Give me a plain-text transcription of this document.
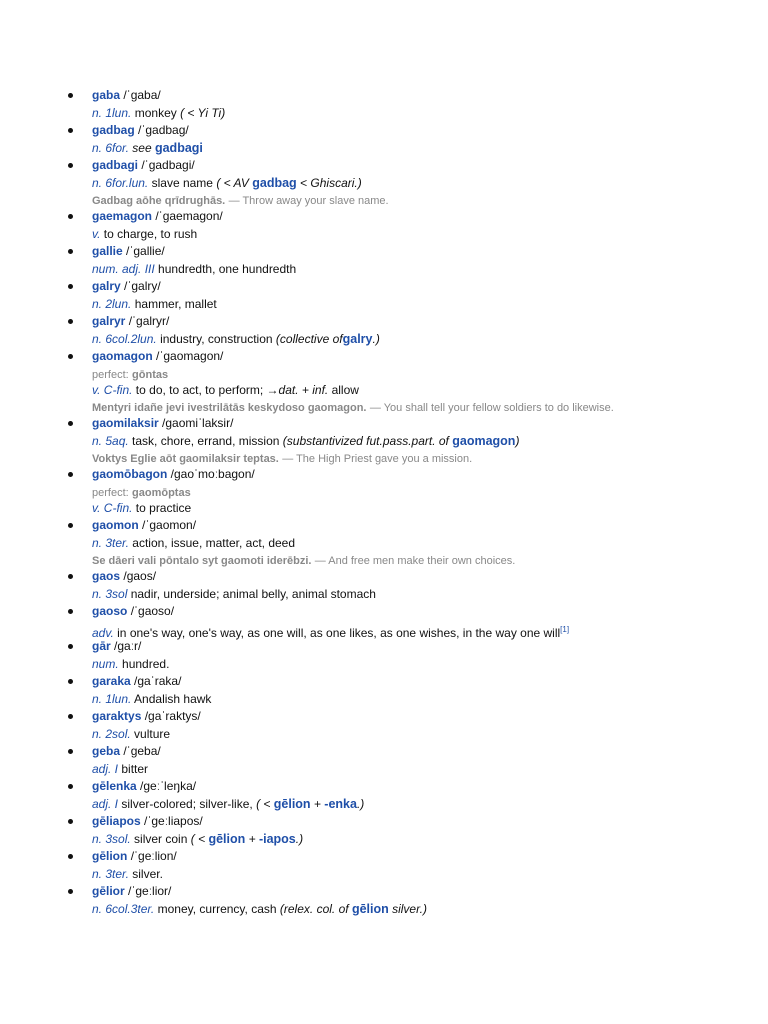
gaba /ˈgaba/
n. 1lun. monkey ( < Yi Ti)
gadbag /ˈgadbag/
n. 6for. see gadbagi
gadbagi /ˈgadbagi/
n. 6for.lun. slave name ( < AV gadbag < Ghiscari.)
Gadbag aōhe qrīdrughās. — Throw away your slave name.
gaemagon /ˈgaemagon/
v. to charge, to rush
gallie /ˈgallie/
num. adj. III hundredth, one hundredth
galry /ˈgalry/
n. 2lun. hammer, mallet
galryr /ˈgalryr/
n. 6col.2lun. industry, construction (collective ofgalry.)
gaomagon /ˈgaomagon/
perfect: gōntas
v. C-fin. to do, to act, to perform; →dat. + inf. allow
Mentyri idañe jevi ivestrilātās keskydoso gaomagon. — You shall tell your fellow soldiers to do likewise.
gaomilaksir /gaomiˈlaksir/
n. 5aq. task, chore, errand, mission (substantivized fut.pass.part. of gaomagon)
Voktys Eglie aōt gaomilaksir teptas. — The High Priest gave you a mission.
gaomōbagon /gaoˈmoːbagon/
perfect: gaomōptas
v. C-fin. to practice
gaomon /ˈgaomon/
n. 3ter. action, issue, matter, act, deed
Se dāeri vali pōntalo syt gaomoti iderēbzi. — And free men make their own choices.
gaos /gaos/
n. 3sol nadir, underside; animal belly, animal stomach
gaoso /ˈgaoso/
adv. in one's way, one's way, as one will, as one likes, as one wishes, in the way one will[1]
gār /gaːr/
num. hundred.
garaka /gaˈraka/
n. 1lun. Andalish hawk
garaktys /gaˈraktys/
n. 2sol. vulture
geba /ˈgeba/
adj. I bitter
gēlenka /geːˈleŋka/
adj. I silver-colored; silver-like, ( < gēlion + -enka.)
gēliapos /ˈgeːliapos/
n. 3sol. silver coin ( < gēlion + -iapos.)
gēlion /ˈgeːlion/
n. 3ter. silver.
gēlior /ˈgeːlior/
n. 6col.3ter. money, currency, cash (relex. col. of gēlion silver.)
